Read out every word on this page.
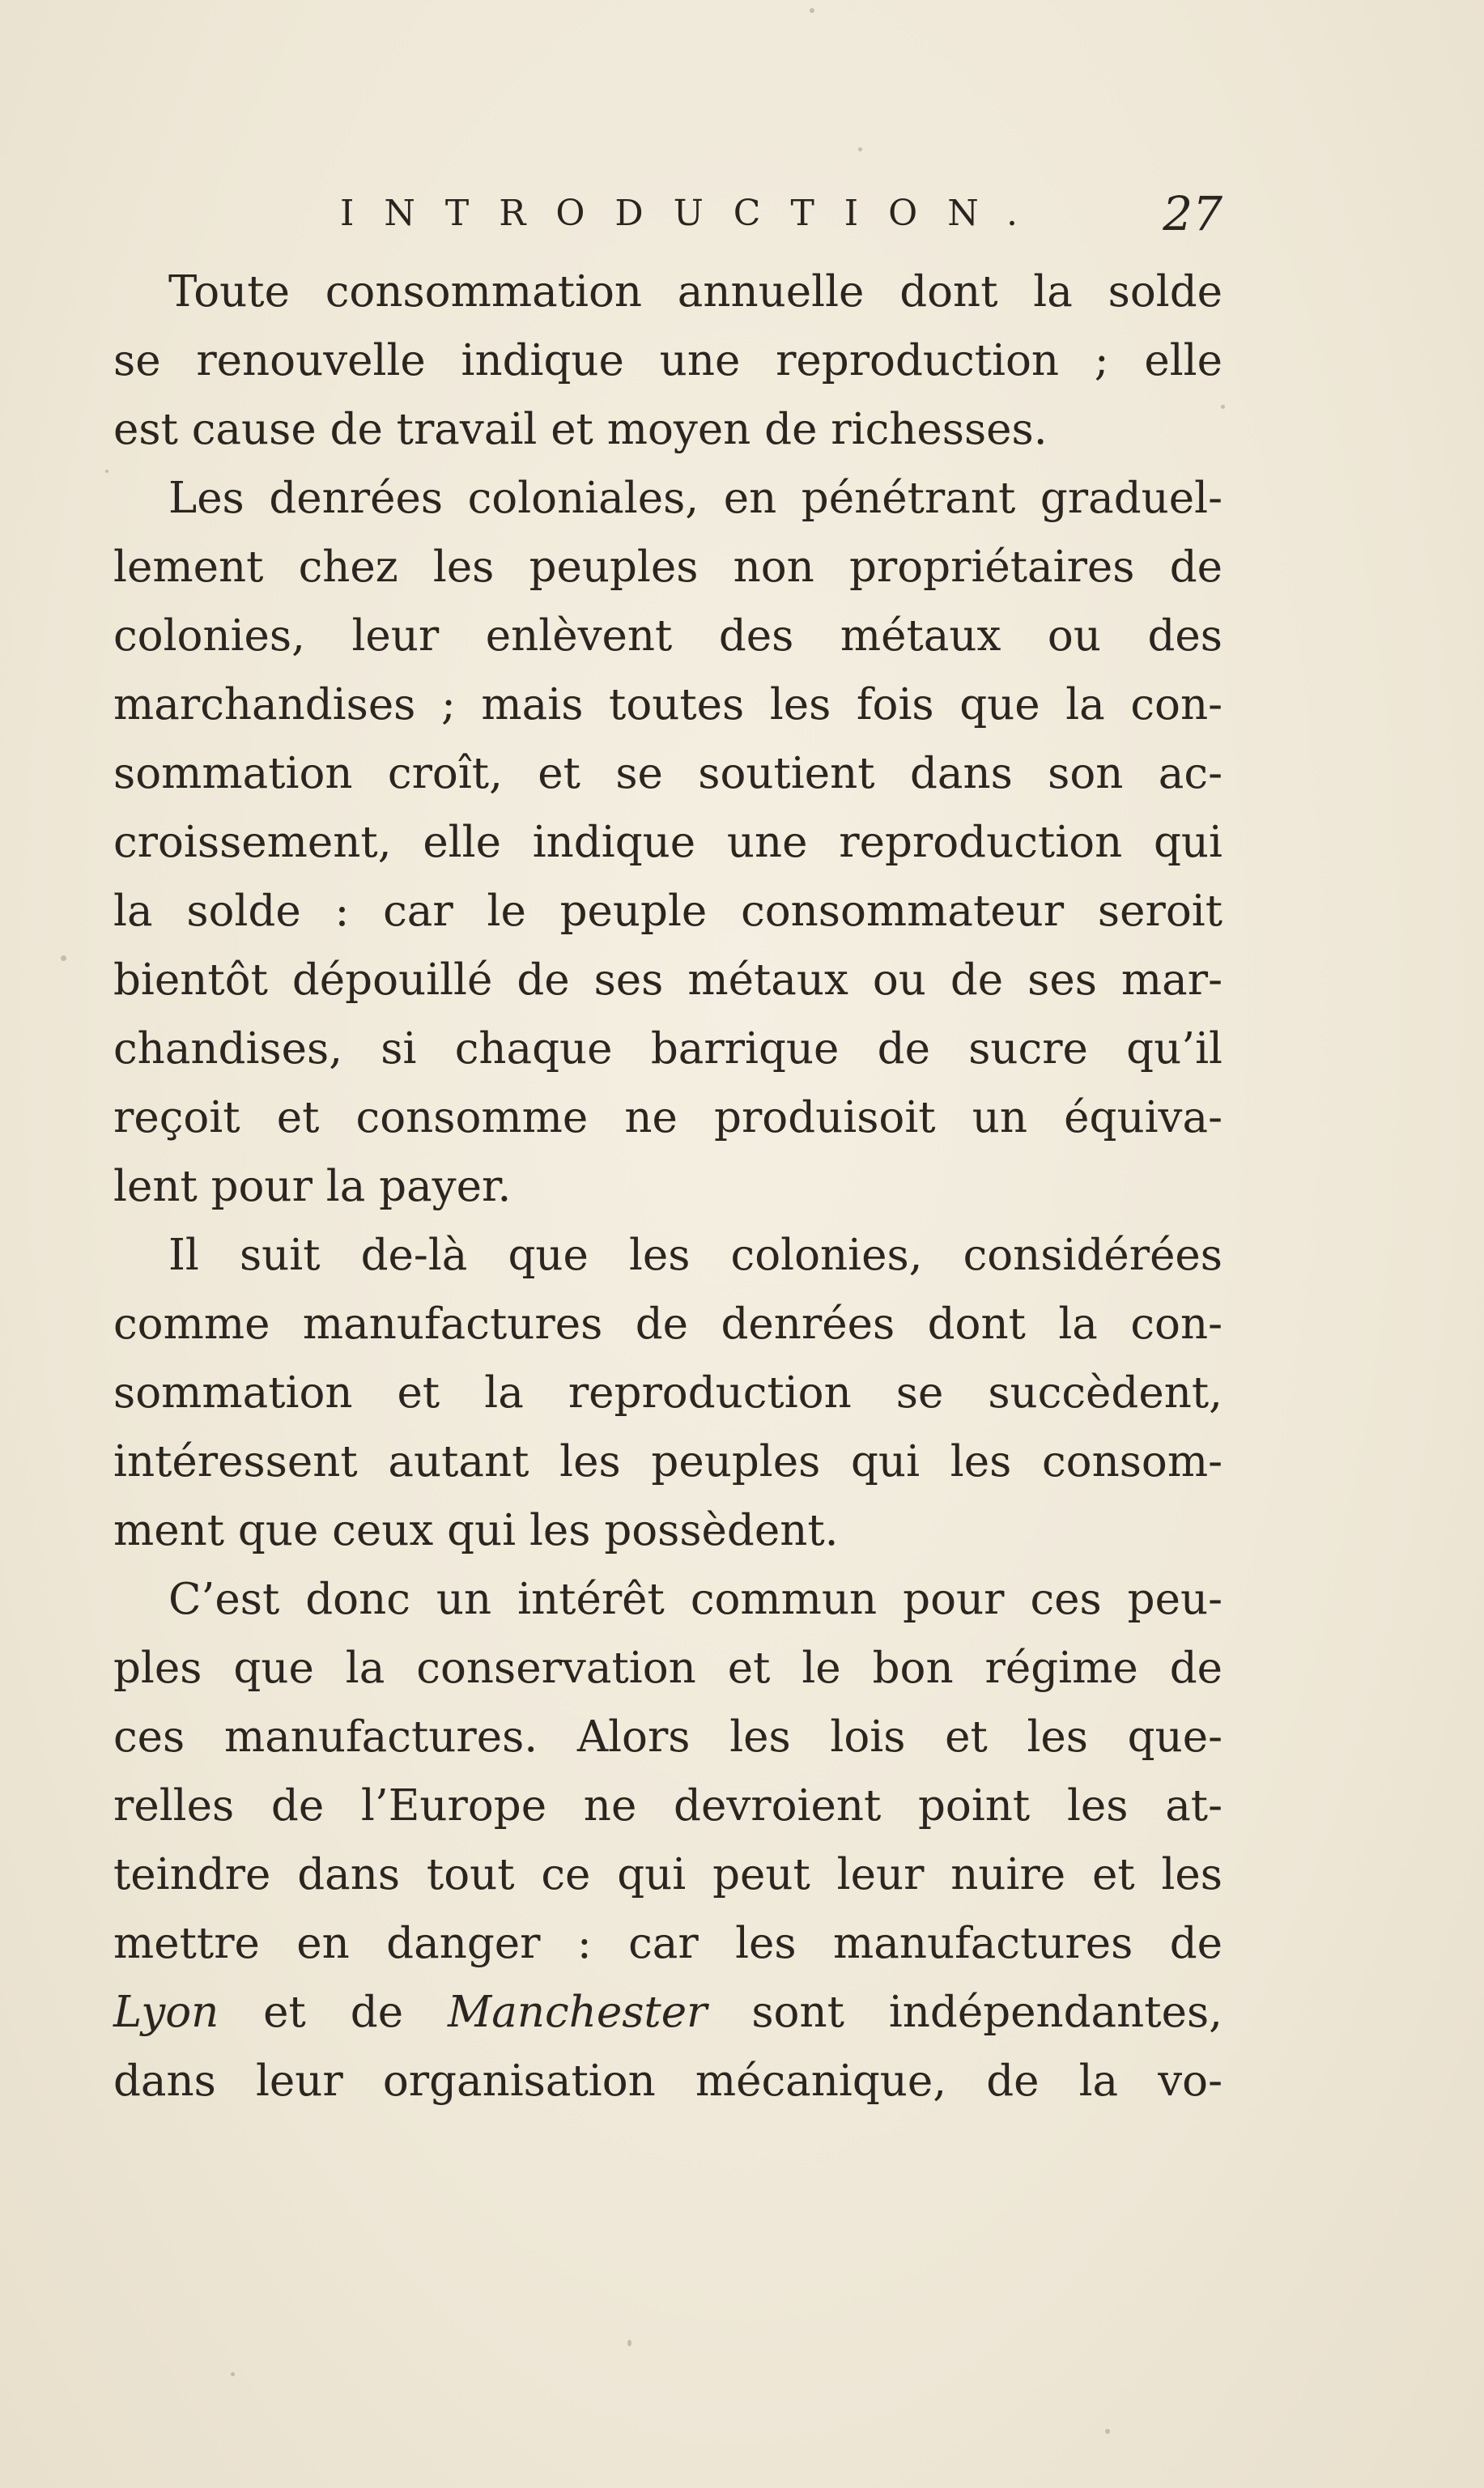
INTRODUCTION. 27

Toute consommation annuelle dont la solde
se renouvelle indique une reproduction ; elle
est cause de travail et moyen de richesses.

Les denrées coloniales, en pénétrant graduel-
lement chez les peuples non propriétaires de
colonies, leur enlèvent des métaux ou des
marchandises ; mais toutes les fois que la con-
sommation croît, et se soutient dans son ac-
croissement, elle indique une reproduction qui
la solde : car le peuple consommateur seroit
bientôt dépouillé de ses métaux ou de ses mar-
chandises, si chaque barrique de sucre qu’il
reçoit et consomme ne produisoit un équiva-
lent pour la payer.

Il suit de-là que les colonies, considérées
comme manufactures de denrées dont la con-
sommation et la reproduction se succèdent,
intéressent autant les peuples qui les consom-
ment que ceux qui les possèdent.

C’est donc un intérêt commun pour ces peu-
ples que la conservation et le bon régime de
ces manufactures. Alors les lois et les que-
relles de l’Europe ne devroient point les at-
teindre dans tout ce qui peut leur nuire et les
mettre en danger : car les manufactures de
Lyon et de Manchester sont indépendantes,
dans leur organisation mécanique, de la vo-
